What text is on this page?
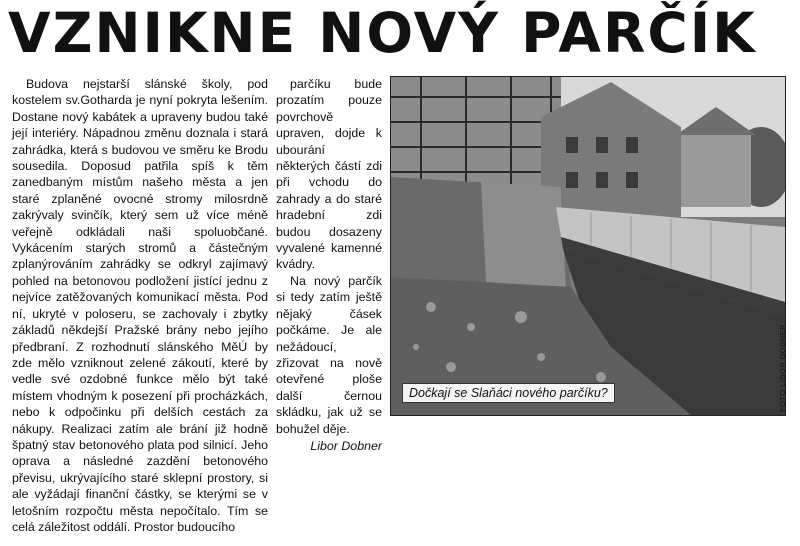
VZNIKNE NOVÝ PARČÍK

Budova nejstarší slánské školy, pod kostelem sv.Gotharda je nyní pokryta lešením. Dostane nový kabátek a upraveny budou také její interiéry. Nápadnou změnu doznala i stará zahrádka, která s budovou ve směru ke Brodu sousedila. Doposud patřila spíš k těm zanedbaným místům našeho města a jen staré zplaněné ovocné stromy milosrdně zakrývaly svinčík, který sem už více méně veřejně odkládali naši spoluobčané. Vykácením starých stromů a částečným zplanýrováním zahrádky se odkryl zajímavý pohled na betonovou podložení jistící jednu z nejvíce zatěžovaných komunikací města. Pod ní, ukryté v poloseru, se zachovaly i zbytky základů někdejší Pražské brány nebo jejího předbraní. Z rozhodnutí slánského MěÚ by zde mělo vzniknout zelené zákoutí, které by vedle své ozdobné funkce mělo být také místem vhodným k posezení při procházkách, nebo k odpočinku při delších cestách za nákupy. Realizaci zatím ale brání již hodně špatný stav betonového plata pod silnicí. Jeho oprava a následné zazdění betonového převisu, ukrývajícího staré sklepní prostory, si ale vyžádají finanční částky, se kterými se v letošním rozpočtu města nepočítalo. Tím se celá záležitost oddálí. Prostor budoucího

parčíku bude prozatím pouze povrchově upraven, dojde k ubourání některých částí zdi při vchodu do zahrady a do staré hradební zdi budou dosazeny vyvalené kamenné kvádry.

Na nový parčík si tedy zatím ještě nějaký čásek počkáme. Je ale nežádoucí, zřizovat na nově otevřené ploše další černou skládku, jak už se bohužel děje.

Libor Dobner
Dočkají se Slaňáci nového parčíku?	FOTO LIBOR DOBNER
